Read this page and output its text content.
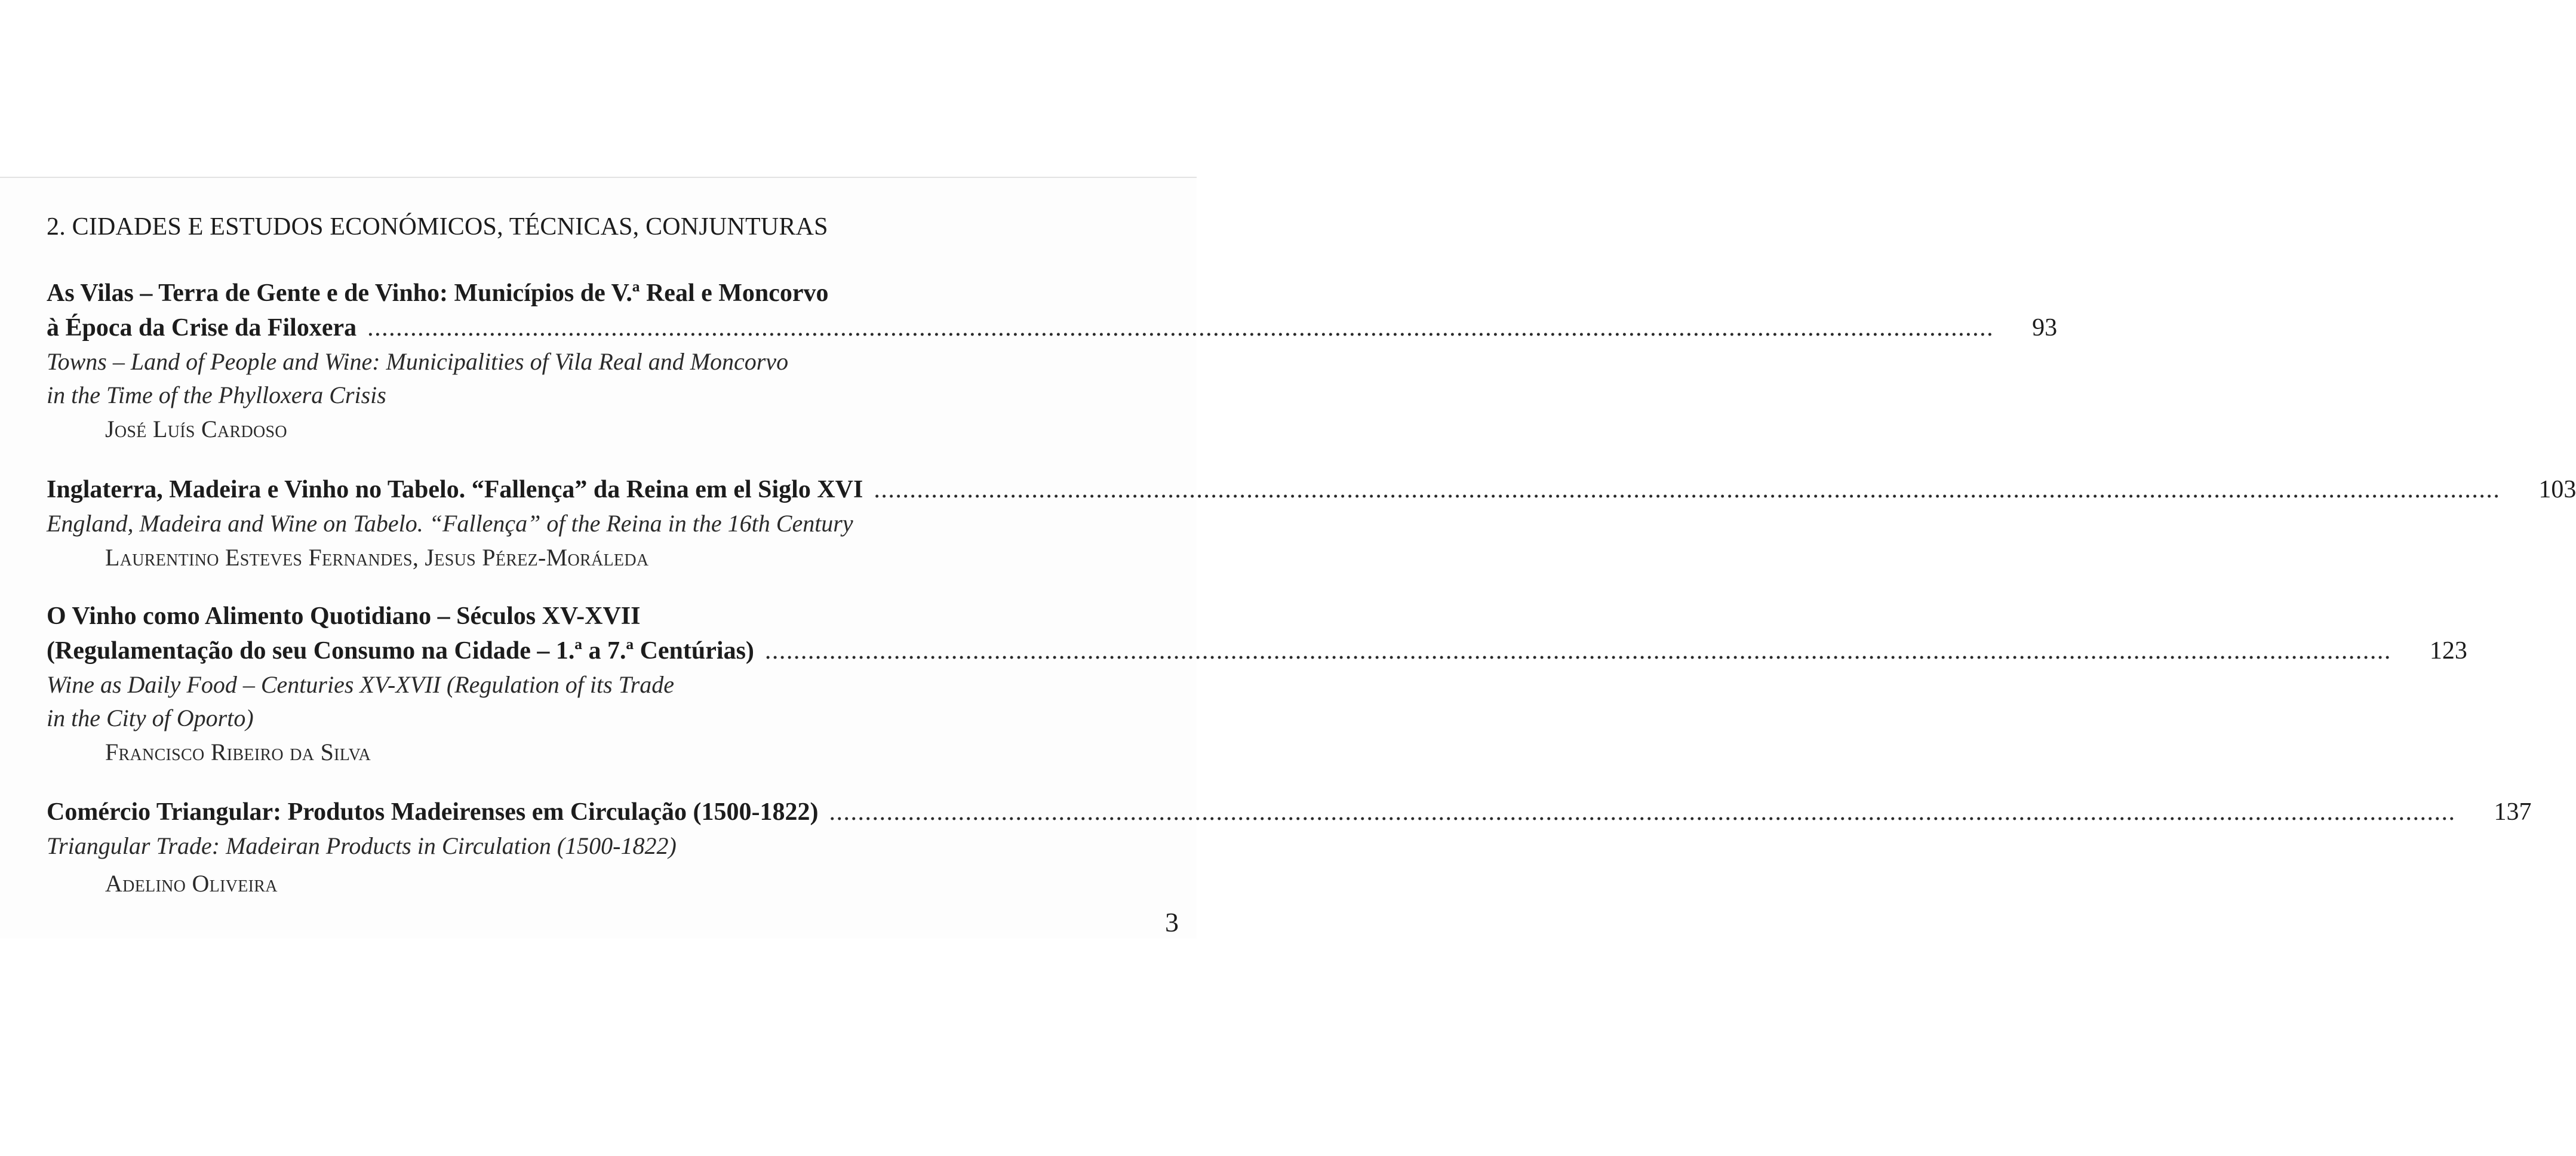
2. CIDADES E ESTUDOS ECONÓMICOS, TÉCNICAS, CONJUNTURAS
As Vilas – Terra de Gente e de Vinho: Municípios de V.ª Real e Moncorvo
à Época da Crise da Filoxera ................................................................................................................................................................................................................................... 93
Towns – Land of People and Wine: Municipalities of Vila Real and Moncorvo
in the Time of the Phylloxera Crisis
José Luís Cardoso
Inglaterra, Madeira e Vinho no Tabelo. “Fallença” da Reina em el Siglo XVI ................................................................................................................................................................................................................................... 103
England, Madeira and Wine on Tabelo. “Fallença” of the Reina in the 16th Century
Laurentino Esteves Fernandes, Jesus Pérez-Moráleda
O Vinho como Alimento Quotidiano – Séculos XV-XVII
(Regulamentação do seu Consumo na Cidade – 1.ª a 7.ª Centúrias) ................................................................................................................................................................................................................................... 123
Wine as Daily Food – Centuries XV-XVII (Regulation of its Trade
in the City of Oporto)
Francisco Ribeiro da Silva
Comércio Triangular: Produtos Madeirenses em Circulação (1500-1822) ................................................................................................................................................................................................................................... 137
Triangular Trade: Madeiran Products in Circulation (1500-1822)
Adelino Oliveira
3
